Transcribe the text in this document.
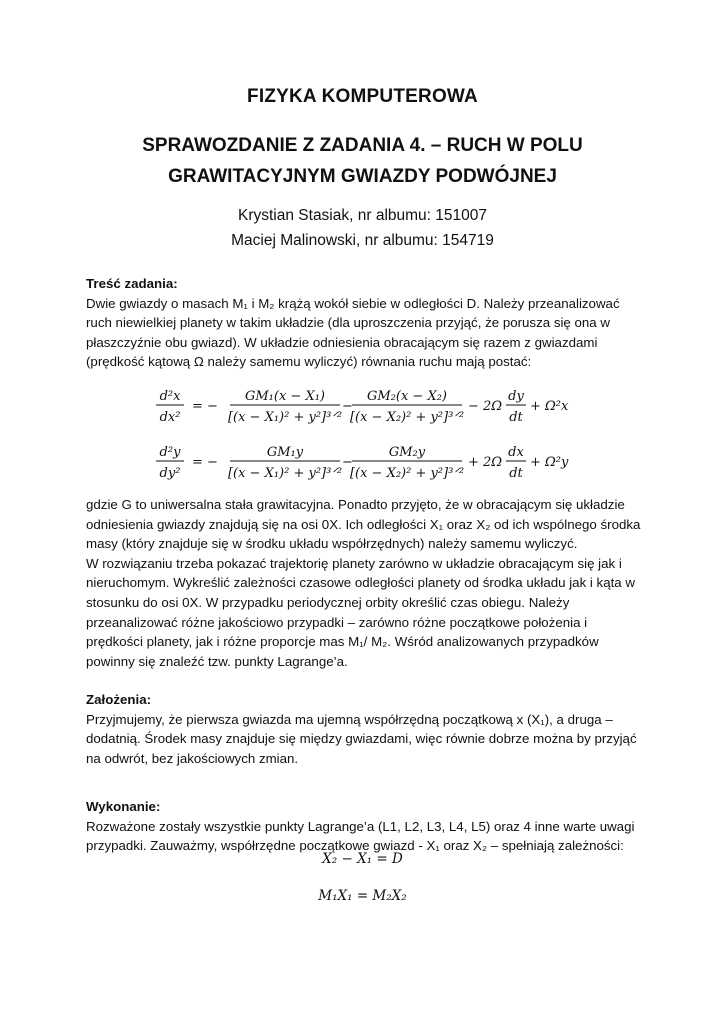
FIZYKA KOMPUTEROWA
SPRAWOZDANIE Z ZADANIA 4. – RUCH W POLU
GRAWITACYJNYM GWIAZDY PODWÓJNEJ
Krystian Stasiak, nr albumu: 151007
Maciej Malinowski, nr albumu: 154719
Treść zadania:
Dwie gwiazdy o masach M₁ i M₂ krążą wokół siebie w odległości D. Należy przeanalizować
ruch niewielkiej planety w takim układzie (dla uproszczenia przyjąć, że porusza się ona w
płaszczyźnie obu gwiazd). W układzie odniesienia obracającym się razem z gwiazdami
(prędkość kątową Ω należy samemu wyliczyć) równania ruchu mają postać:
d²x
dx²
= −
GM₁(x − X₁)
[(x − X₁)² + y²]³ᐟ²
−
GM₂(x − X₂)
[(x − X₂)² + y²]³ᐟ²
− 2Ω
dy
dt
+ Ω²x
d²y
dy²
= −
GM₁y
[(x − X₁)² + y²]³ᐟ²
−
GM₂y
[(x − X₂)² + y²]³ᐟ²
+ 2Ω
dx
dt
+ Ω²y
gdzie G to uniwersalna stała grawitacyjna. Ponadto przyjęto, że w obracającym się układzie
odniesienia gwiazdy znajdują się na osi 0X. Ich odległości X₁ oraz X₂ od ich wspólnego środka
masy (który znajduje się w środku układu współrzędnych) należy samemu wyliczyć.
W rozwiązaniu trzeba pokazać trajektorię planety zarówno w układzie obracającym się jak i
nieruchomym. Wykreślić zależności czasowe odległości planety od środka układu jak i kąta w
stosunku do osi 0X. W przypadku periodycznej orbity określić czas obiegu. Należy
przeanalizować różne jakościowo przypadki – zarówno różne początkowe położenia i
prędkości planety, jak i różne proporcje mas M₁/ M₂. Wśród analizowanych przypadków
powinny się znaleźć tzw. punkty Lagrange’a.
Założenia:
Przyjmujemy, że pierwsza gwiazda ma ujemną współrzędną początkową x (X₁), a druga –
dodatnią. Środek masy znajduje się między gwiazdami, więc równie dobrze można by przyjąć
na odwrót, bez jakościowych zmian.
Wykonanie:
Rozważone zostały wszystkie punkty Lagrange’a (L1, L2, L3, L4, L5) oraz 4 inne warte uwagi
przypadki. Zauważmy, współrzędne początkowe gwiazd - X₁ oraz X₂ – spełniają zależności:
X₂ − X₁ = D
M₁X₁ = M₂X₂
